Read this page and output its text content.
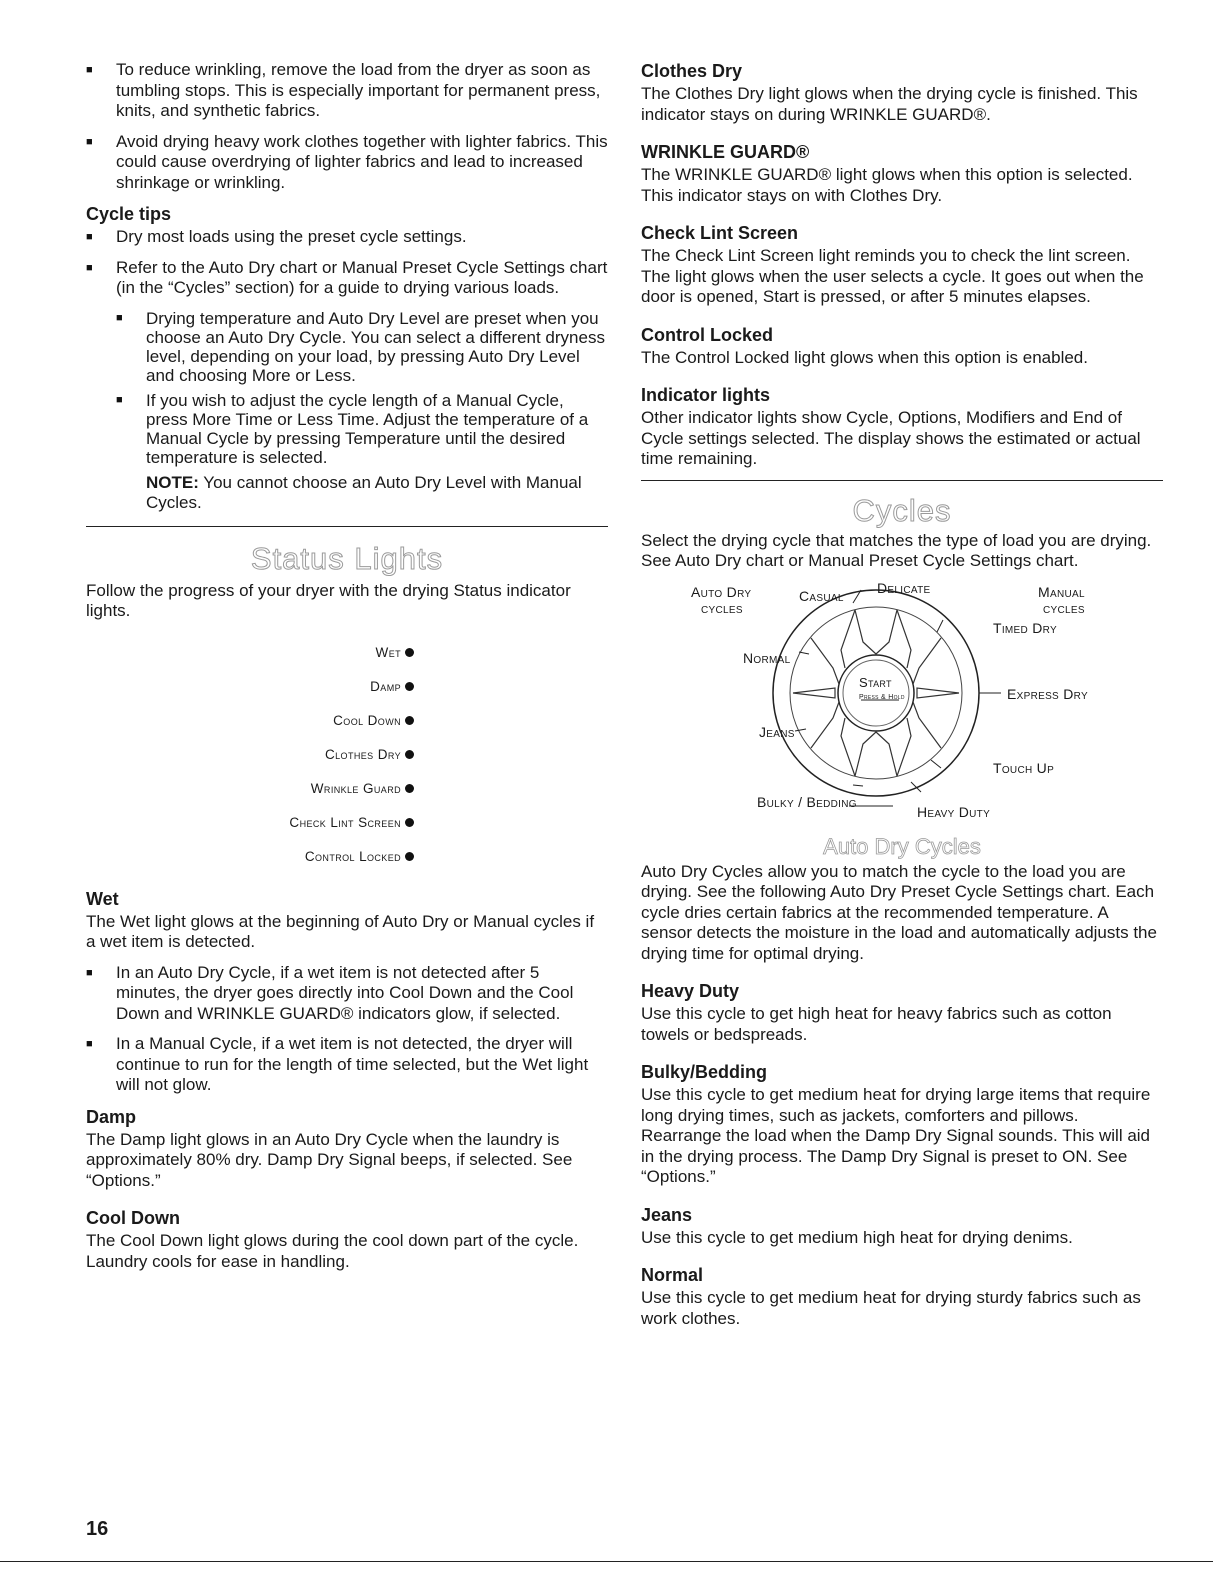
■ To reduce wrinkling, remove the load from the dryer as soon as tumbling stops. This is especially important for permanent press, knits, and synthetic fabrics.
■ Avoid drying heavy work clothes together with lighter fabrics. This could cause overdrying of lighter fabrics and lead to increased shrinkage or wrinkling.
Cycle tips
■ Dry most loads using the preset cycle settings.
■ Refer to the Auto Dry chart or Manual Preset Cycle Settings chart (in the “Cycles” section) for a guide to drying various loads.
■ Drying temperature and Auto Dry Level are preset when you choose an Auto Dry Cycle. You can select a different dryness level, depending on your load, by pressing Auto Dry Level and choosing More or Less.
■ If you wish to adjust the cycle length of a Manual Cycle, press More Time or Less Time. Adjust the temperature of a Manual Cycle by pressing Temperature until the desired temperature is selected.

NOTE: You cannot choose an Auto Dry Level with Manual Cycles.

Status Lights

Follow the progress of your dryer with the drying Status indicator lights.

Wet
Damp
Cool Down
Clothes Dry
Wrinkle Guard
Check Lint Screen
Control Locked
Wet

The Wet light glows at the beginning of Auto Dry or Manual cycles if a wet item is detected.

■ In an Auto Dry Cycle, if a wet item is not detected after 5 minutes, the dryer goes directly into Cool Down and the Cool Down and WRINKLE GUARD® indicators glow, if selected.
■ In a Manual Cycle, if a wet item is not detected, the dryer will continue to run for the length of time selected, but the Wet light will not glow.
Damp

The Damp light glows in an Auto Dry Cycle when the laundry is approximately 80% dry. Damp Dry Signal beeps, if selected. See “Options.”

Cool Down

The Cool Down light glows during the cool down part of the cycle. Laundry cools for ease in handling.

Clothes Dry

The Clothes Dry light glows when the drying cycle is finished. This indicator stays on during WRINKLE GUARD®.

WRINKLE GUARD®

The WRINKLE GUARD® light glows when this option is selected. This indicator stays on with Clothes Dry.

Check Lint Screen

The Check Lint Screen light reminds you to check the lint screen. The light glows when the user selects a cycle. It goes out when the door is opened, Start is pressed, or after 5 minutes elapses.

Control Locked

The Control Locked light glows when this option is enabled.

Indicator lights

Other indicator lights show Cycle, Options, Modifiers and End of Cycle settings selected. The display shows the estimated or actual time remaining.

Cycles

Select the drying cycle that matches the type of load you are drying. See Auto Dry chart or Manual Preset Cycle Settings chart.

Auto Dry
cycles
Casual Delicate	Manual
cycles
Timed Dry
Normal
Express Dry
Jeans
Touch Up
Bulky / Bedding
Heavy Duty
Start
Press & Hold
Auto Dry Cycles

Auto Dry Cycles allow you to match the cycle to the load you are drying. See the following Auto Dry Preset Cycle Settings chart. Each cycle dries certain fabrics at the recommended temperature. A sensor detects the moisture in the load and automatically adjusts the drying time for optimal drying.

Heavy Duty

Use this cycle to get high heat for heavy fabrics such as cotton towels or bedspreads.

Bulky/Bedding

Use this cycle to get medium heat for drying large items that require long drying times, such as jackets, comforters and pillows. Rearrange the load when the Damp Dry Signal sounds. This will aid in the drying process. The Damp Dry Signal is preset to ON. See “Options.”

Jeans

Use this cycle to get medium high heat for drying denims.

Normal

Use this cycle to get medium heat for drying sturdy fabrics such as work clothes.

16
